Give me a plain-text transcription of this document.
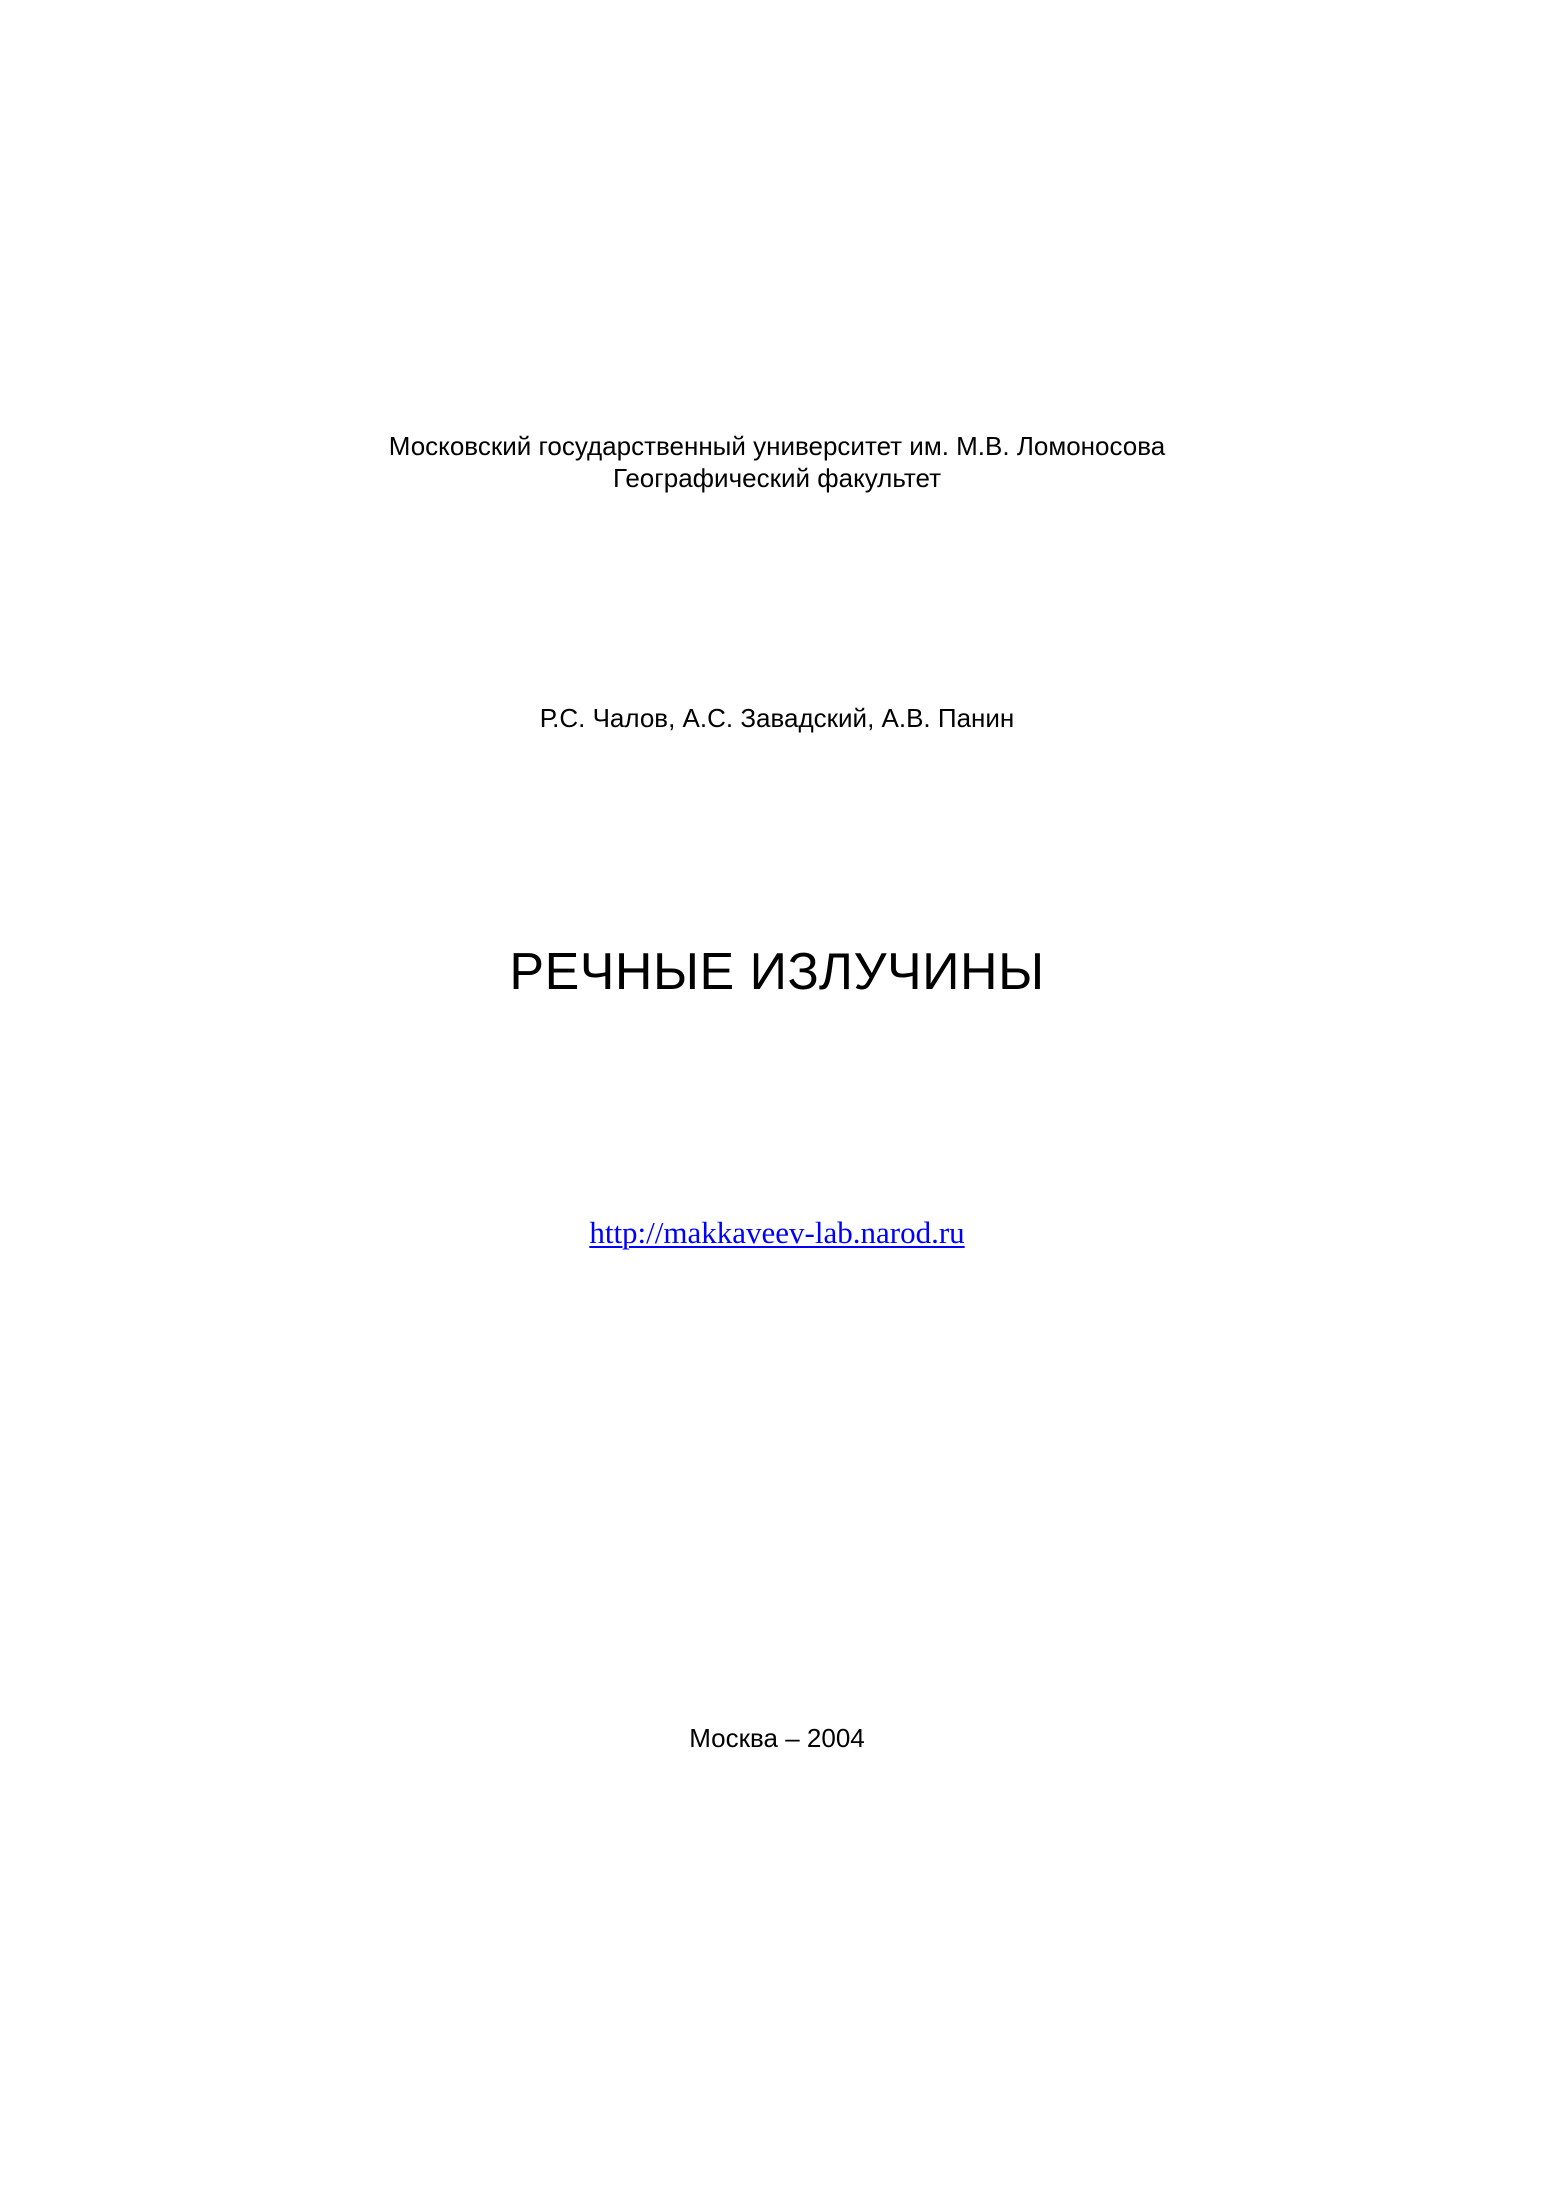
Московский государственный университет им. М.В. Ломоносова
Географический факультет
Р.С. Чалов, А.С. Завадский, А.В. Панин
РЕЧНЫЕ ИЗЛУЧИНЫ
http://makkaveev-lab.narod.ru
Москва – 2004
